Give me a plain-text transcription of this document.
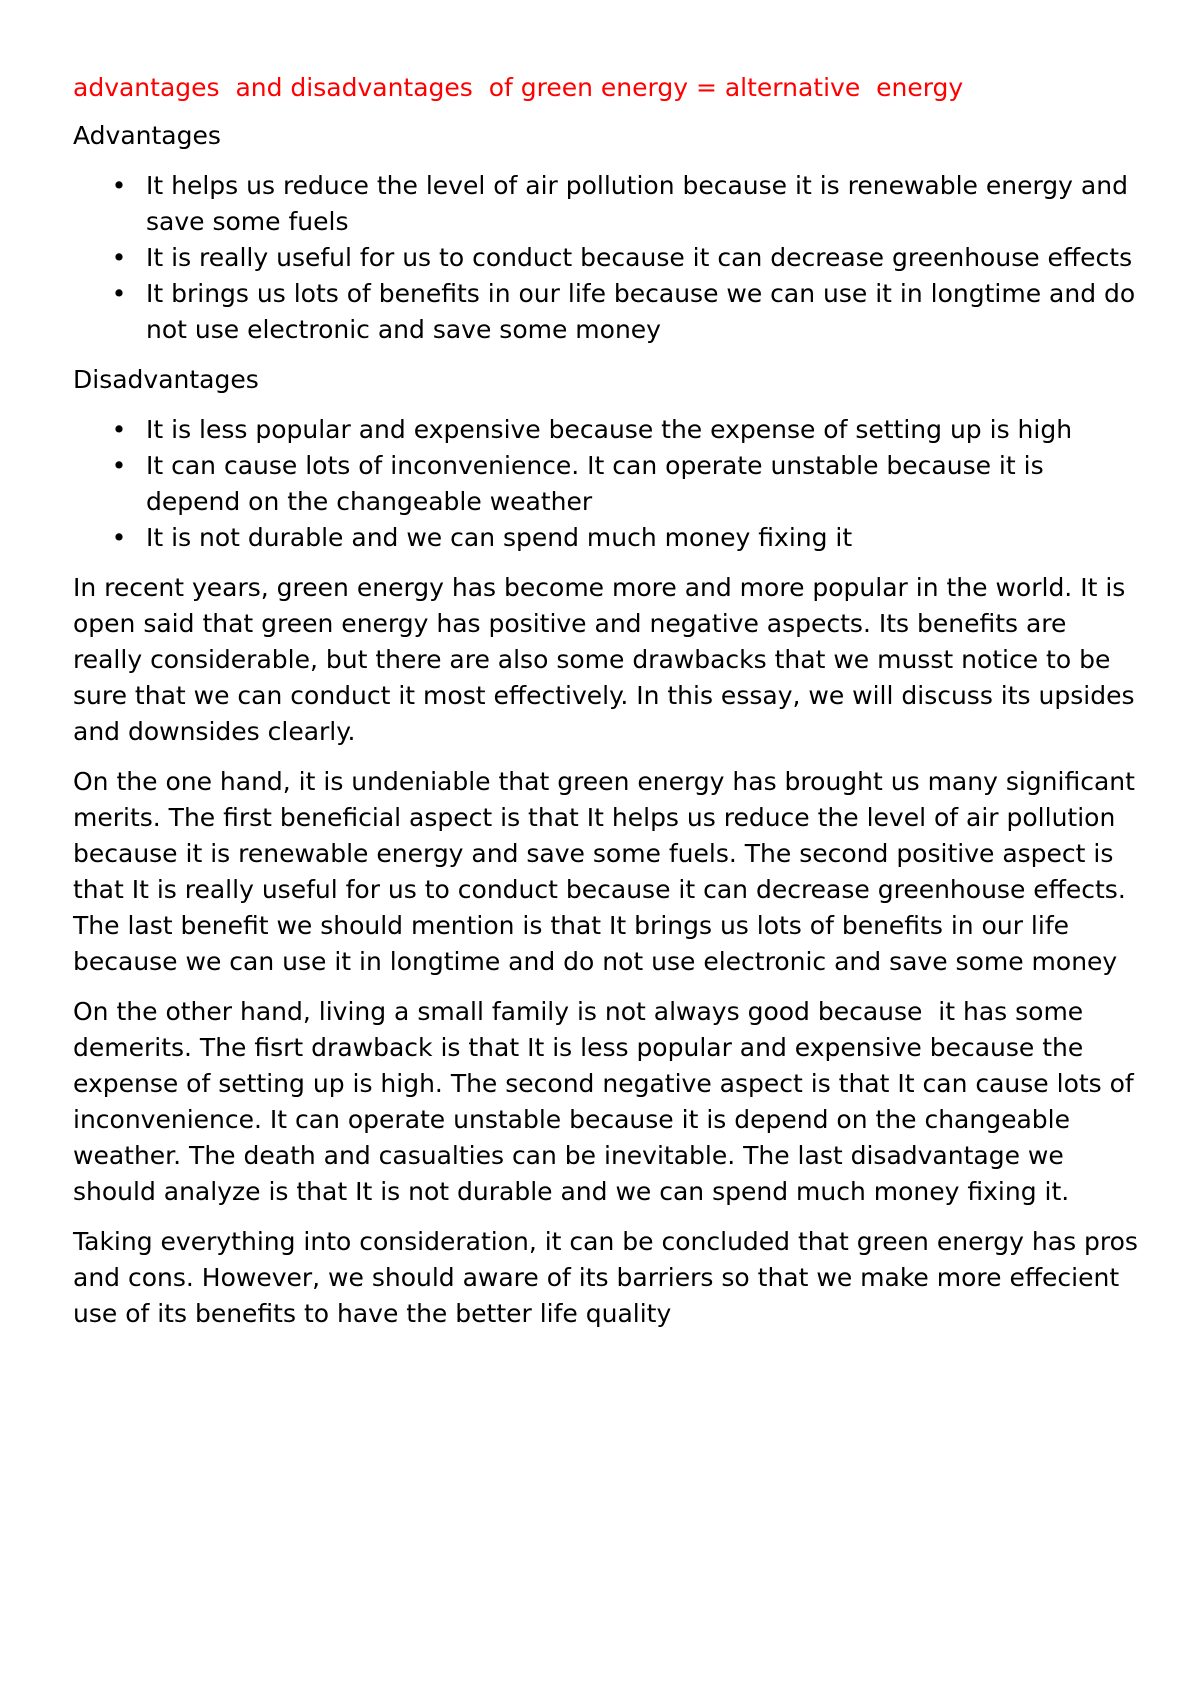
advantages  and disadvantages  of green energy = alternative  energy
Advantages
• It helps us reduce the level of air pollution because it is renewable energy and save some fuels
• It is really useful for us to conduct because it can decrease greenhouse effects
• It brings us lots of benefits in our life because we can use it in longtime and do not use electronic and save some money
Disadvantages
• It is less popular and expensive because the expense of setting up is high
• It can cause lots of inconvenience. It can operate unstable because it is depend on the changeable weather
• It is not durable and we can spend much money fixing it

In recent years, green energy has become more and more popular in the world. It is open said that green energy has positive and negative aspects. Its benefits are really considerable, but there are also some drawbacks that we musst notice to be sure that we can conduct it most effectively. In this essay, we will discuss its upsides and downsides clearly.

On the one hand, it is undeniable that green energy has brought us many significant merits. The first beneficial aspect is that It helps us reduce the level of air pollution because it is renewable energy and save some fuels. The second positive aspect is that It is really useful for us to conduct because it can decrease greenhouse effects. The last benefit we should mention is that It brings us lots of benefits in our life because we can use it in longtime and do not use electronic and save some money

On the other hand, living a small family is not always good because  it has some demerits. The fisrt drawback is that It is less popular and expensive because the expense of setting up is high. The second negative aspect is that It can cause lots of inconvenience. It can operate unstable because it is depend on the changeable weather. The death and casualties can be inevitable. The last disadvantage we should analyze is that It is not durable and we can spend much money fixing it.

Taking everything into consideration, it can be concluded that green energy has pros and cons. However, we should aware of its barriers so that we make more effecient use of its benefits to have the better life quality
